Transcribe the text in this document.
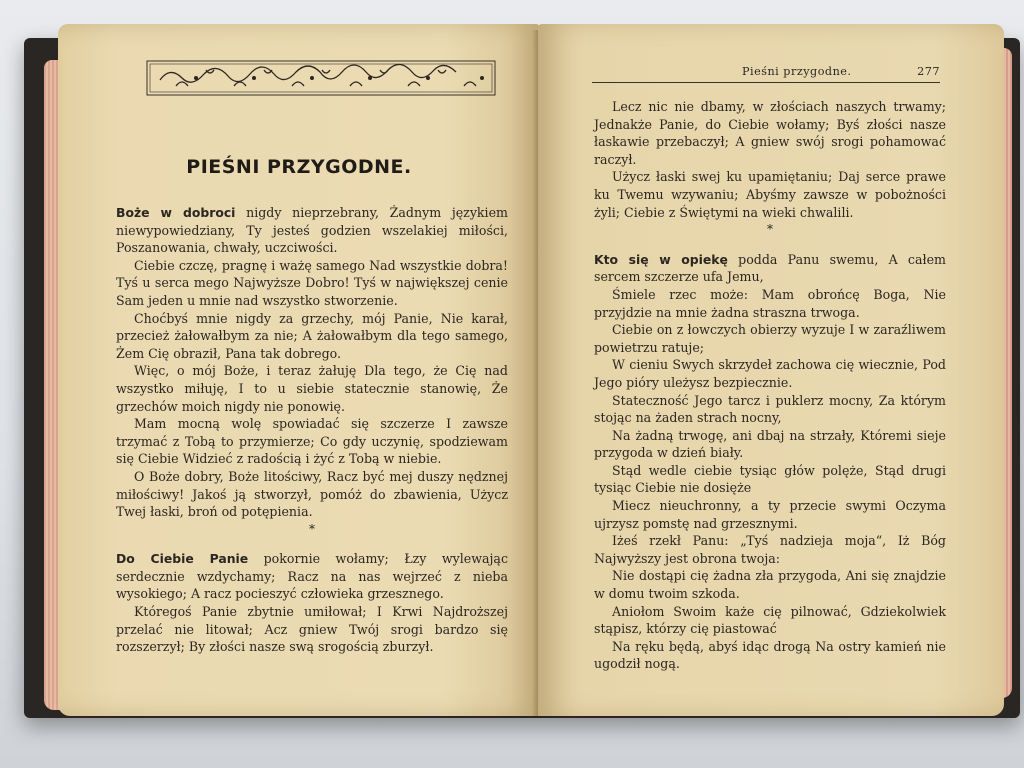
PIEŚNI PRZYGODNE.

Boże w dobroci nigdy nieprzebrany, Żadnym językiem niewypowiedziany, Ty jesteś godzien wszelakiej miłości, Poszanowania, chwały, uczciwości.

Ciebie czczę, pragnę i ważę samego Nad wszystkie dobra! Tyś u serca mego Najwyższe Dobro! Tyś w największej cenie Sam jeden u mnie nad wszystko stworzenie.

Choćbyś mnie nigdy za grzechy, mój Panie, Nie karał, przecież żałowałbym za nie; A żałowałbym dla tego samego, Żem Cię obraził, Pana tak dobrego.

Więc, o mój Boże, i teraz żałuję Dla tego, że Cię nad wszystko miłuję, I to u siebie statecznie stanowię, Że grzechów moich nigdy nie ponowię.

Mam mocną wolę spowiadać się szczerze I zawsze trzymać z Tobą to przymierze; Co gdy uczynię, spodziewam się Ciebie Widzieć z radością i żyć z Tobą w niebie.

O Boże dobry, Boże litościwy, Racz być mej duszy nędznej miłościwy! Jakoś ją stworzył, pomóż do zbawienia, Użycz Twej łaski, broń od potępienia.

*

Do Ciebie Panie pokornie wołamy; Łzy wylewając serdecznie wzdychamy; Racz na nas wejrzeć z nieba wysokiego; A racz pocieszyć człowieka grzesznego.

Któregoś Panie zbytnie umiłował; I Krwi Najdroższej przelać nie litował; Acz gniew Twój srogi bardzo się rozszerzył; By złości nasze swą srogością zburzył.

Pieśni przygodne.	277

Lecz nic nie dbamy, w złościach naszych trwamy; Jednakże Panie, do Ciebie wołamy; Byś złości nasze łaskawie przebaczył; A gniew swój srogi pohamować raczył.

Użycz łaski swej ku upamiętaniu; Daj serce prawe ku Twemu wzywaniu; Abyśmy zawsze w pobożności żyli; Ciebie z Świętymi na wieki chwalili.

*

Kto się w opiekę podda Panu swemu, A całem sercem szczerze ufa Jemu,

Śmiele rzec może: Mam obrońcę Boga, Nie przyjdzie na mnie żadna straszna trwoga.

Ciebie on z łowczych obierzy wyzuje I w zaraźliwem powietrzu ratuje;

W cieniu Swych skrzydeł zachowa cię wiecznie, Pod Jego pióry uleżysz bezpiecznie.

Stateczność Jego tarcz i puklerz mocny, Za którym stojąc na żaden strach nocny,

Na żadną trwogę, ani dbaj na strzały, Któremi siejе przygoda w dzień biały.

Stąd wedle ciebie tysiąc głów polęże, Stąd drugi tysiąc Ciebie nie dosięże

Miecz nieuchronny, a ty przecie swymi Oczyma ujrzysz pomstę nad grzesznymi.

Iżeś rzekł Panu: „Tyś nadzieja moja“, Iż Bóg Najwyższy jest obrona twoja:

Nie dostąpi cię żadna zła przygoda, Ani się znajdzie w domu twoim szkoda.

Aniołom Swoim każe cię pilnować, Gdziekolwiek stąpisz, którzy cię piastować

Na ręku będą, abyś idąc drogą Na ostry kamień nie ugodził nogą.
